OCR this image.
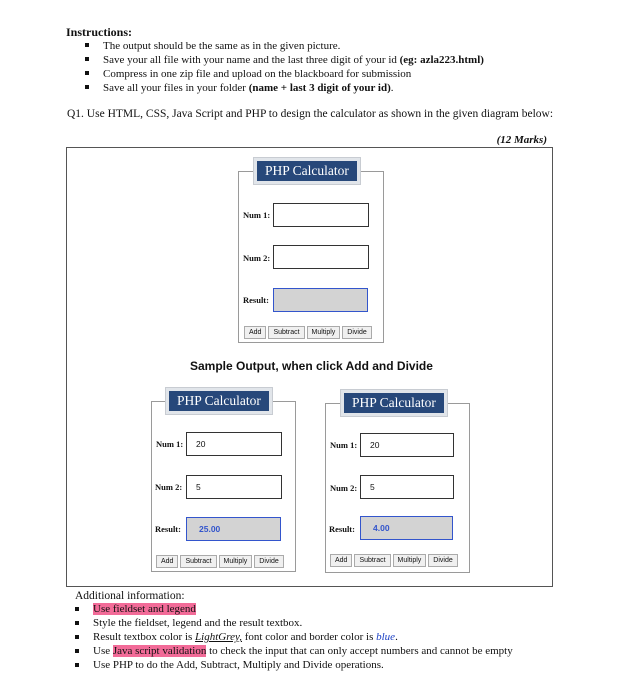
Instructions:
The output should be the same as in the given picture.
Save your all file with your name and the last three digit of your id (eg: azla223.html)
Compress in one zip file and upload on the blackboard for submission
Save all your files in your folder (name + last 3 digit of your id).
Q1. Use HTML, CSS, Java Script and PHP to design the calculator as shown in the given diagram below:
(12 Marks)
PHP Calculator
Num 1:
Num 2:
Result:
Add	Subtract	Multiply	Divide
Sample Output, when click Add and Divide
PHP Calculator
Num 1:	20
Num 2:	5
Result:	25.00
Add	Subtract	Multiply	Divide
PHP Calculator
Num 1:	20
Num 2:	5
Result:	4.00
Add	Subtract	Multiply	Divide
Additional information:
Use fieldset and legend
Style the fieldset, legend and the result textbox.
Result textbox color is LightGrey, font color and border color is blue.
Use Java script validation to check the input that can only accept numbers and cannot be empty
Use PHP to do the Add, Subtract, Multiply and Divide operations.
